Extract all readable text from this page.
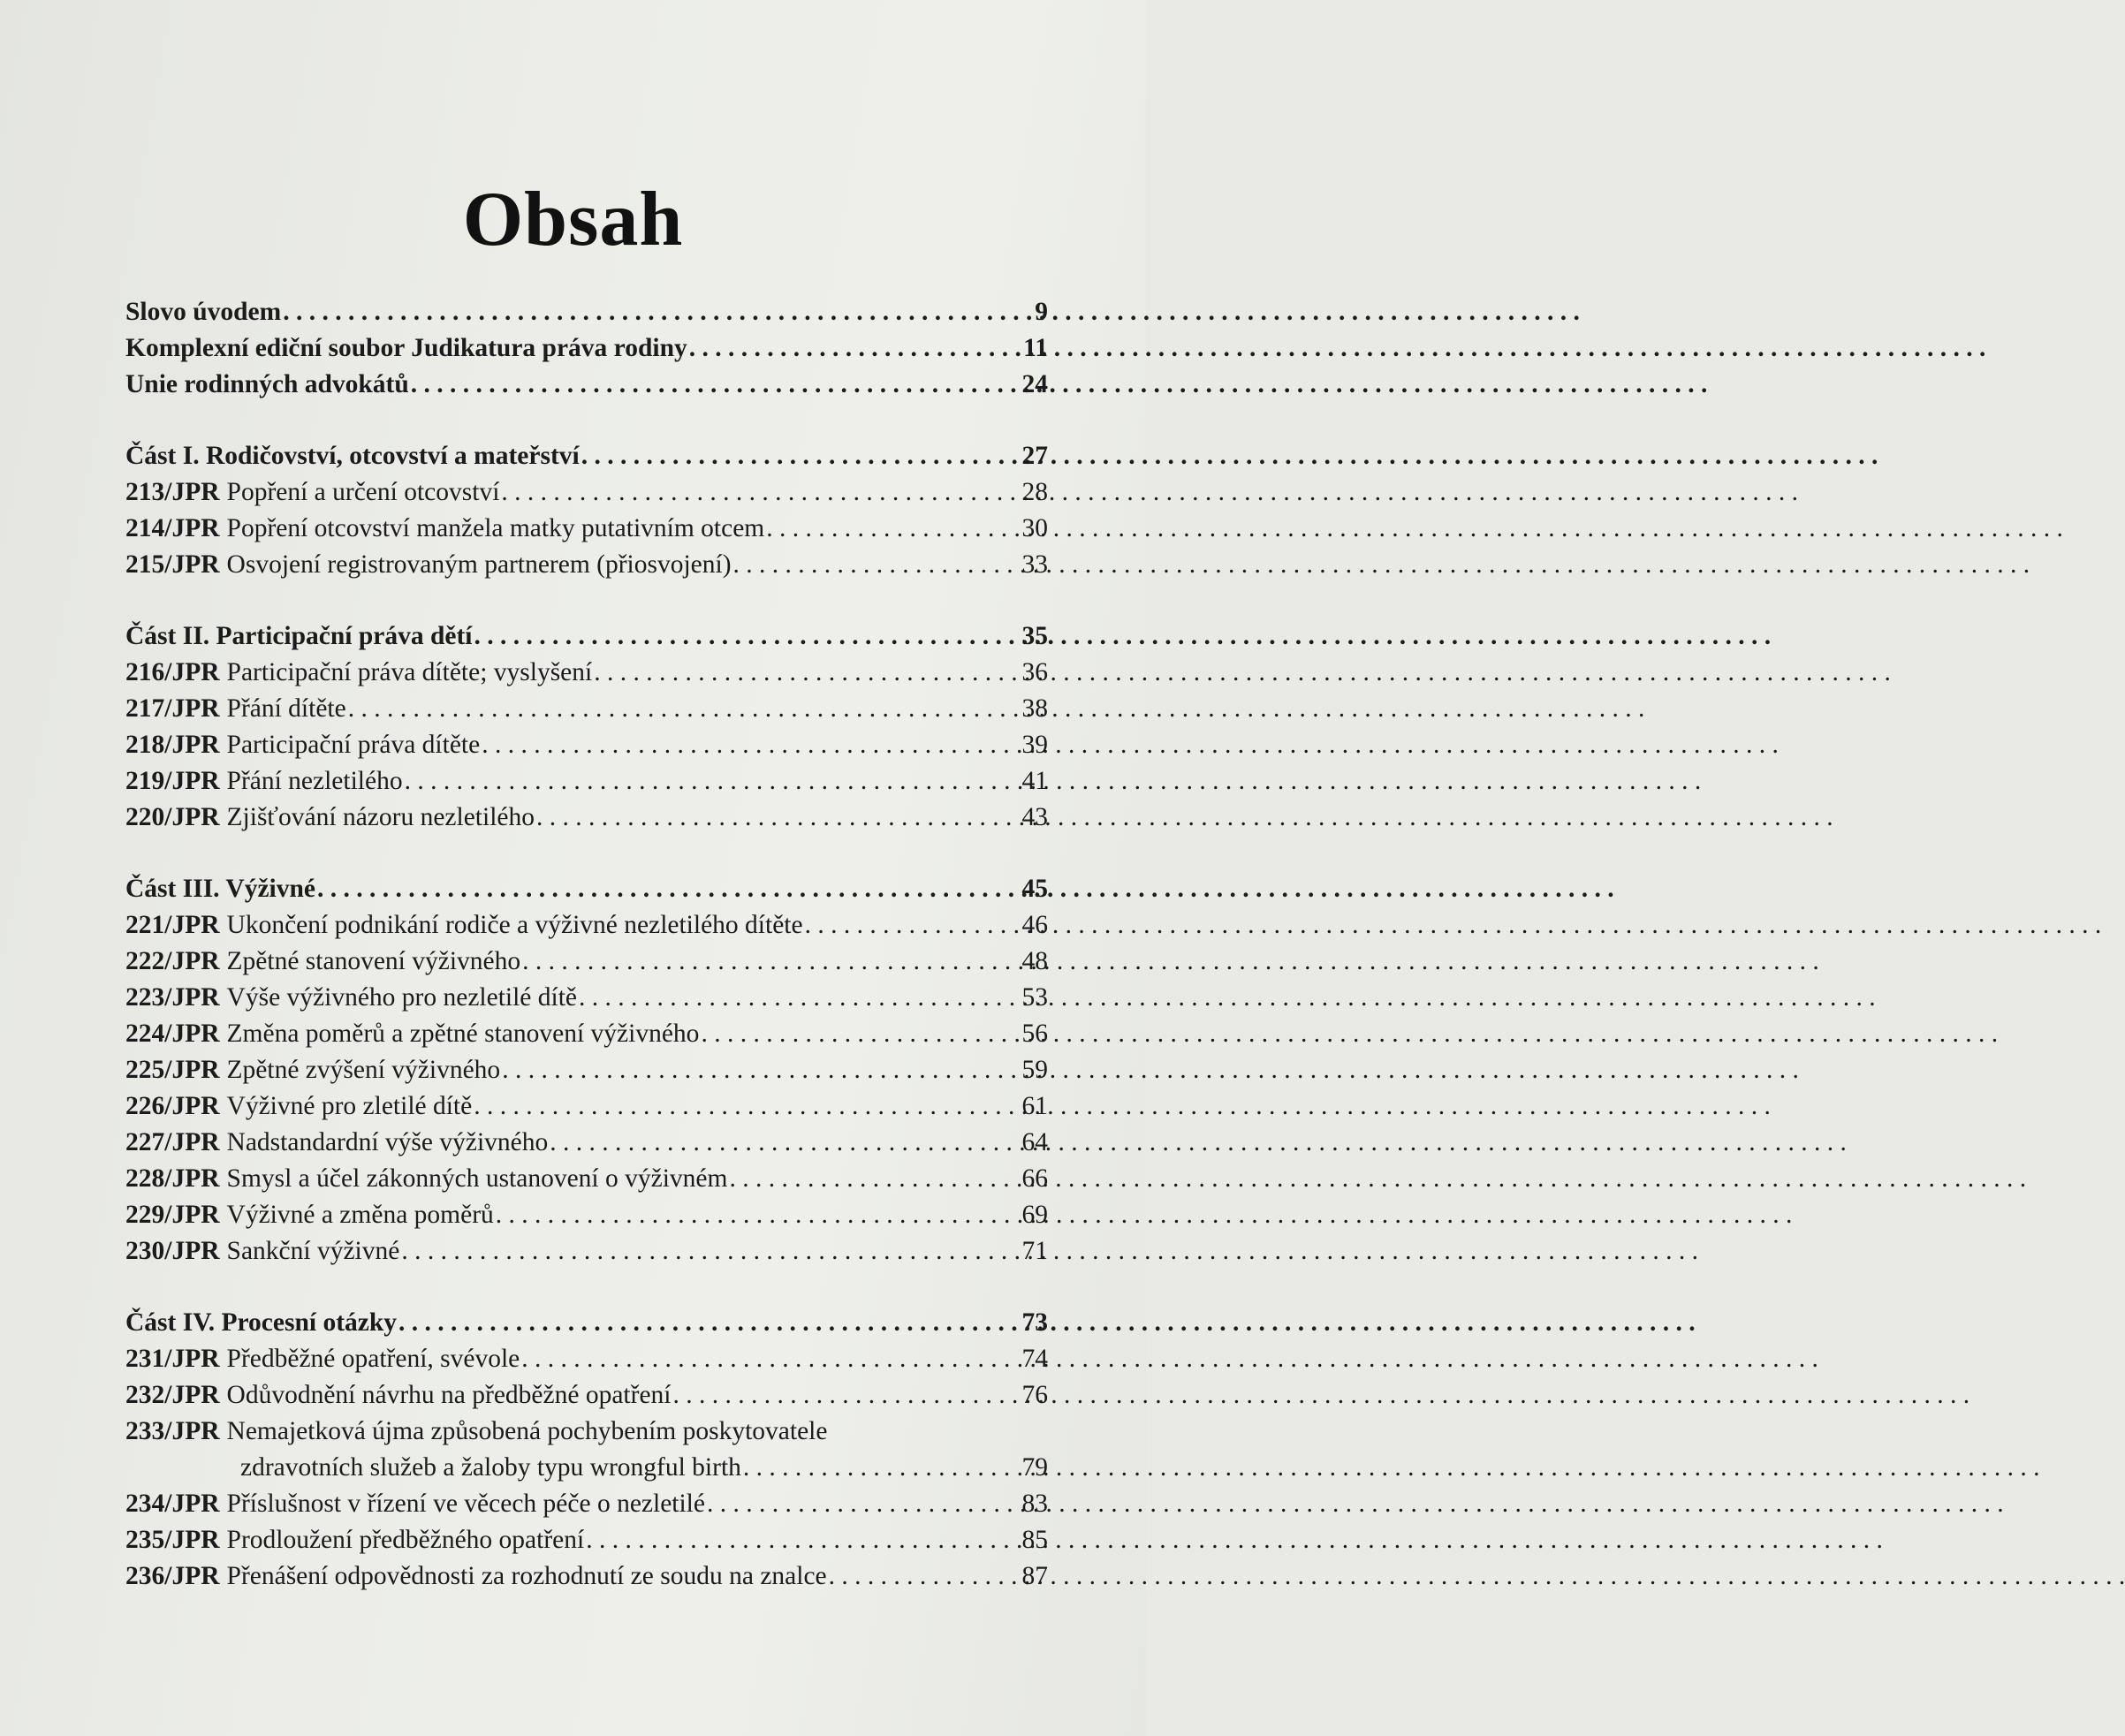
Obsah
Slovo úvodem . . .	9
Komplexní ediční soubor Judikatura práva rodiny . . .	11
Unie rodinných advokátů . . .	24
Část I. Rodičovství, otcovství a mateřství . . .	27
213/JPR Popření a určení otcovství . . .	28
214/JPR Popření otcovství manžela matky putativním otcem . . .	30
215/JPR Osvojení registrovaným partnerem (přiosvojení) . . .	33
Část II. Participační práva dětí . . .	35
216/JPR Participační práva dítěte; vyslyšení . . .	36
217/JPR Přání dítěte . . .	38
218/JPR Participační práva dítěte . . .	39
219/JPR Přání nezletilého . . .	41
220/JPR Zjišťování názoru nezletilého . . .	43
Část III. Výživné . . .	45
221/JPR Ukončení podnikání rodiče a výživné nezletilého dítěte . . .	46
222/JPR Zpětné stanovení výživného . . .	48
223/JPR Výše výživného pro nezletilé dítě . . .	53
224/JPR Změna poměrů a zpětné stanovení výživného . . .	56
225/JPR Zpětné zvýšení výživného . . .	59
226/JPR Výživné pro zletilé dítě . . .	61
227/JPR Nadstandardní výše výživného . . .	64
228/JPR Smysl a účel zákonných ustanovení o výživném . . .	66
229/JPR Výživné a změna poměrů . . .	69
230/JPR Sankční výživné . . .	71
Část IV. Procesní otázky . . .	73
231/JPR Předběžné opatření, svévole . . .	74
232/JPR Odůvodnění návrhu na předběžné opatření . . .	76
233/JPR Nemajetková újma způsobená pochybením poskytovatele
zdravotních služeb a žaloby typu wrongful birth . . .	79
234/JPR Příslušnost v řízení ve věcech péče o nezletilé . . .	83
235/JPR Prodloužení předběžného opatření . . .	85
236/JPR Přenášení odpovědnosti za rozhodnutí ze soudu na znalce . . .	87
